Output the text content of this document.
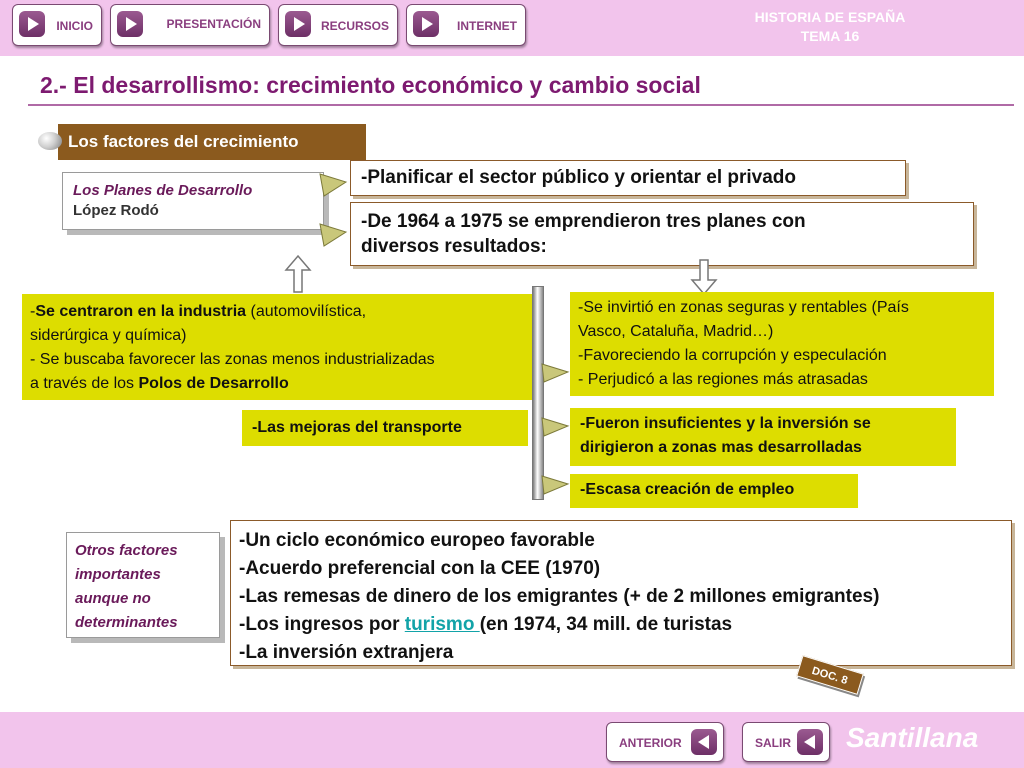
INICIO	PRESENTACIÓN	RECURSOS	INTERNET
HISTORIA DE ESPAÑA
TEMA 16
2.- El desarrollismo: crecimiento económico y cambio social
Los factores del crecimiento
Los Planes de Desarrollo
López Rodó
-Planificar el sector público y orientar el privado
-De 1964 a 1975 se emprendieron tres planes con
diversos resultados:
-Se centraron en la industria (automovilística,
siderúrgica y química)
- Se buscaba favorecer las zonas menos industrializadas
a través de los Polos de Desarrollo
-Se invirtió en zonas seguras y rentables (País
Vasco, Cataluña, Madrid…)
-Favoreciendo la corrupción y especulación
- Perjudicó a las regiones más atrasadas
-Las mejoras del transporte	-Fueron insuficientes y la inversión se
dirigieron a zonas mas desarrolladas
-Escasa creación de empleo
Otros factores
importantes
aunque no
determinantes
-Un ciclo económico europeo favorable
-Acuerdo preferencial con la CEE (1970)
-Las remesas de dinero de los emigrantes (+ de 2 millones emigrantes)
-Los ingresos por turismo (en 1974, 34 mill. de turistas
-La inversión extranjera
DOC. 8
ANTERIOR	SALIR Santillana
